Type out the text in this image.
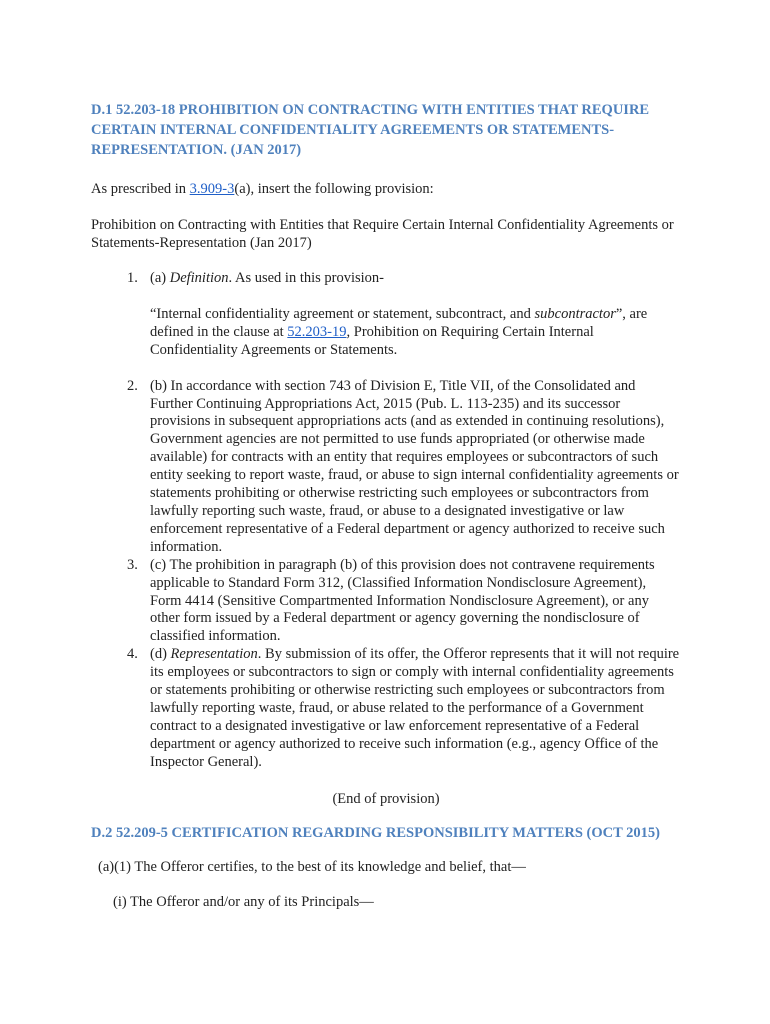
D.1 52.203-18 PROHIBITION ON CONTRACTING WITH ENTITIES THAT REQUIRE CERTAIN INTERNAL CONFIDENTIALITY AGREEMENTS OR STATEMENTS-REPRESENTATION. (JAN 2017)

As prescribed in 3.909-3(a), insert the following provision:

Prohibition on Contracting with Entities that Require Certain Internal Confidentiality Agreements or Statements-Representation (Jan 2017)

1. (a) Definition. As used in this provision-

“Internal confidentiality agreement or statement, subcontract, and subcontractor”, are defined in the clause at 52.203-19, Prohibition on Requiring Certain Internal Confidentiality Agreements or Statements.

2. (b) In accordance with section 743 of Division E, Title VII, of the Consolidated and Further Continuing Appropriations Act, 2015 (Pub. L. 113-235) and its successor provisions in subsequent appropriations acts (and as extended in continuing resolutions), Government agencies are not permitted to use funds appropriated (or otherwise made available) for contracts with an entity that requires employees or subcontractors of such entity seeking to report waste, fraud, or abuse to sign internal confidentiality agreements or statements prohibiting or otherwise restricting such employees or subcontractors from lawfully reporting such waste, fraud, or abuse to a designated investigative or law enforcement representative of a Federal department or agency authorized to receive such information.
3. (c) The prohibition in paragraph (b) of this provision does not contravene requirements applicable to Standard Form 312, (Classified Information Nondisclosure Agreement), Form 4414 (Sensitive Compartmented Information Nondisclosure Agreement), or any other form issued by a Federal department or agency governing the nondisclosure of classified information.
4. (d) Representation. By submission of its offer, the Offeror represents that it will not require its employees or subcontractors to sign or comply with internal confidentiality agreements or statements prohibiting or otherwise restricting such employees or subcontractors from lawfully reporting waste, fraud, or abuse related to the performance of a Government contract to a designated investigative or law enforcement representative of a Federal department or agency authorized to receive such information (e.g., agency Office of the Inspector General).

(End of provision)

D.2 52.209-5 CERTIFICATION REGARDING RESPONSIBILITY MATTERS (OCT 2015)

(a)(1) The Offeror certifies, to the best of its knowledge and belief, that—

(i) The Offeror and/or any of its Principals—
